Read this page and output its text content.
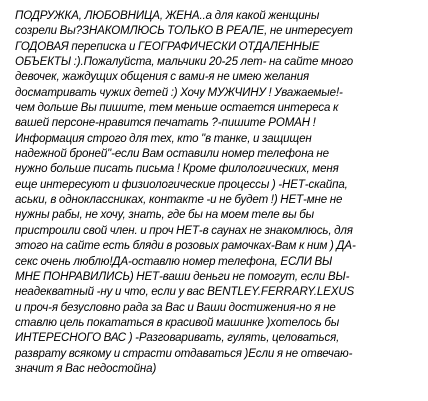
ПОДРУЖКА, ЛЮБОВНИЦА, ЖЕНА..а для какой женщины
созрели Вы?ЗНАКОМЛЮСЬ ТОЛЬКО В РЕАЛЕ, не интересует
ГОДОВАЯ переписка и ГЕОГРАФИЧЕСКИ ОТДАЛЕННЫЕ
ОБЪЕКТЫ :).Пожалуйста, мальчики 20-25 лет- на сайте много
девочек, жаждущих общения с вами-я не имею желания
досматривать чужих детей :) Хочу МУЖЧИНУ ! Уважаемые!-
чем дольше Вы пишите, тем меньше остается интереса к
вашей персоне-нравится печатать ?-пишите РОМАН !
Информация строго для тех, кто "в танке, и защищен
надежной броней"-если Вам оставили номер телефона не
нужно больше писать письма ! Кроме филологических, меня
еще интересуют и физиологические процессы ) -НЕТ-скайпа,
аськи, в одноклассниках, контакте -и не будет !) НЕТ-мне не
нужны рабы, не хочу, знать, где бы на моем теле вы бы
пристроили свой член. и проч НЕТ-в саунах не знакомлюсь, для
этого на сайте есть бляди в розовых рамочках-Вам к ним ) ДА-
секс очень люблю!ДА-оставлю номер телефона, ЕСЛИ ВЫ
МНЕ ПОНРАВИЛИСЬ) НЕТ-ваши деньги не помогут, если ВЫ-
неадекватный -ну и что, если у вас BENTLEY.FERRARY.LEXUS
и проч-я безусловно рада за Вас и Ваши достижения-но я не
ставлю цель покататься в красивой машинке )хотелось бы
ИНТЕРЕСНОГО ВАС ) -Разговаривать, гулять, целоваться,
разврату всякому и страсти отдаваться )Если я не отвечаю-
значит я Вас недостойна)
